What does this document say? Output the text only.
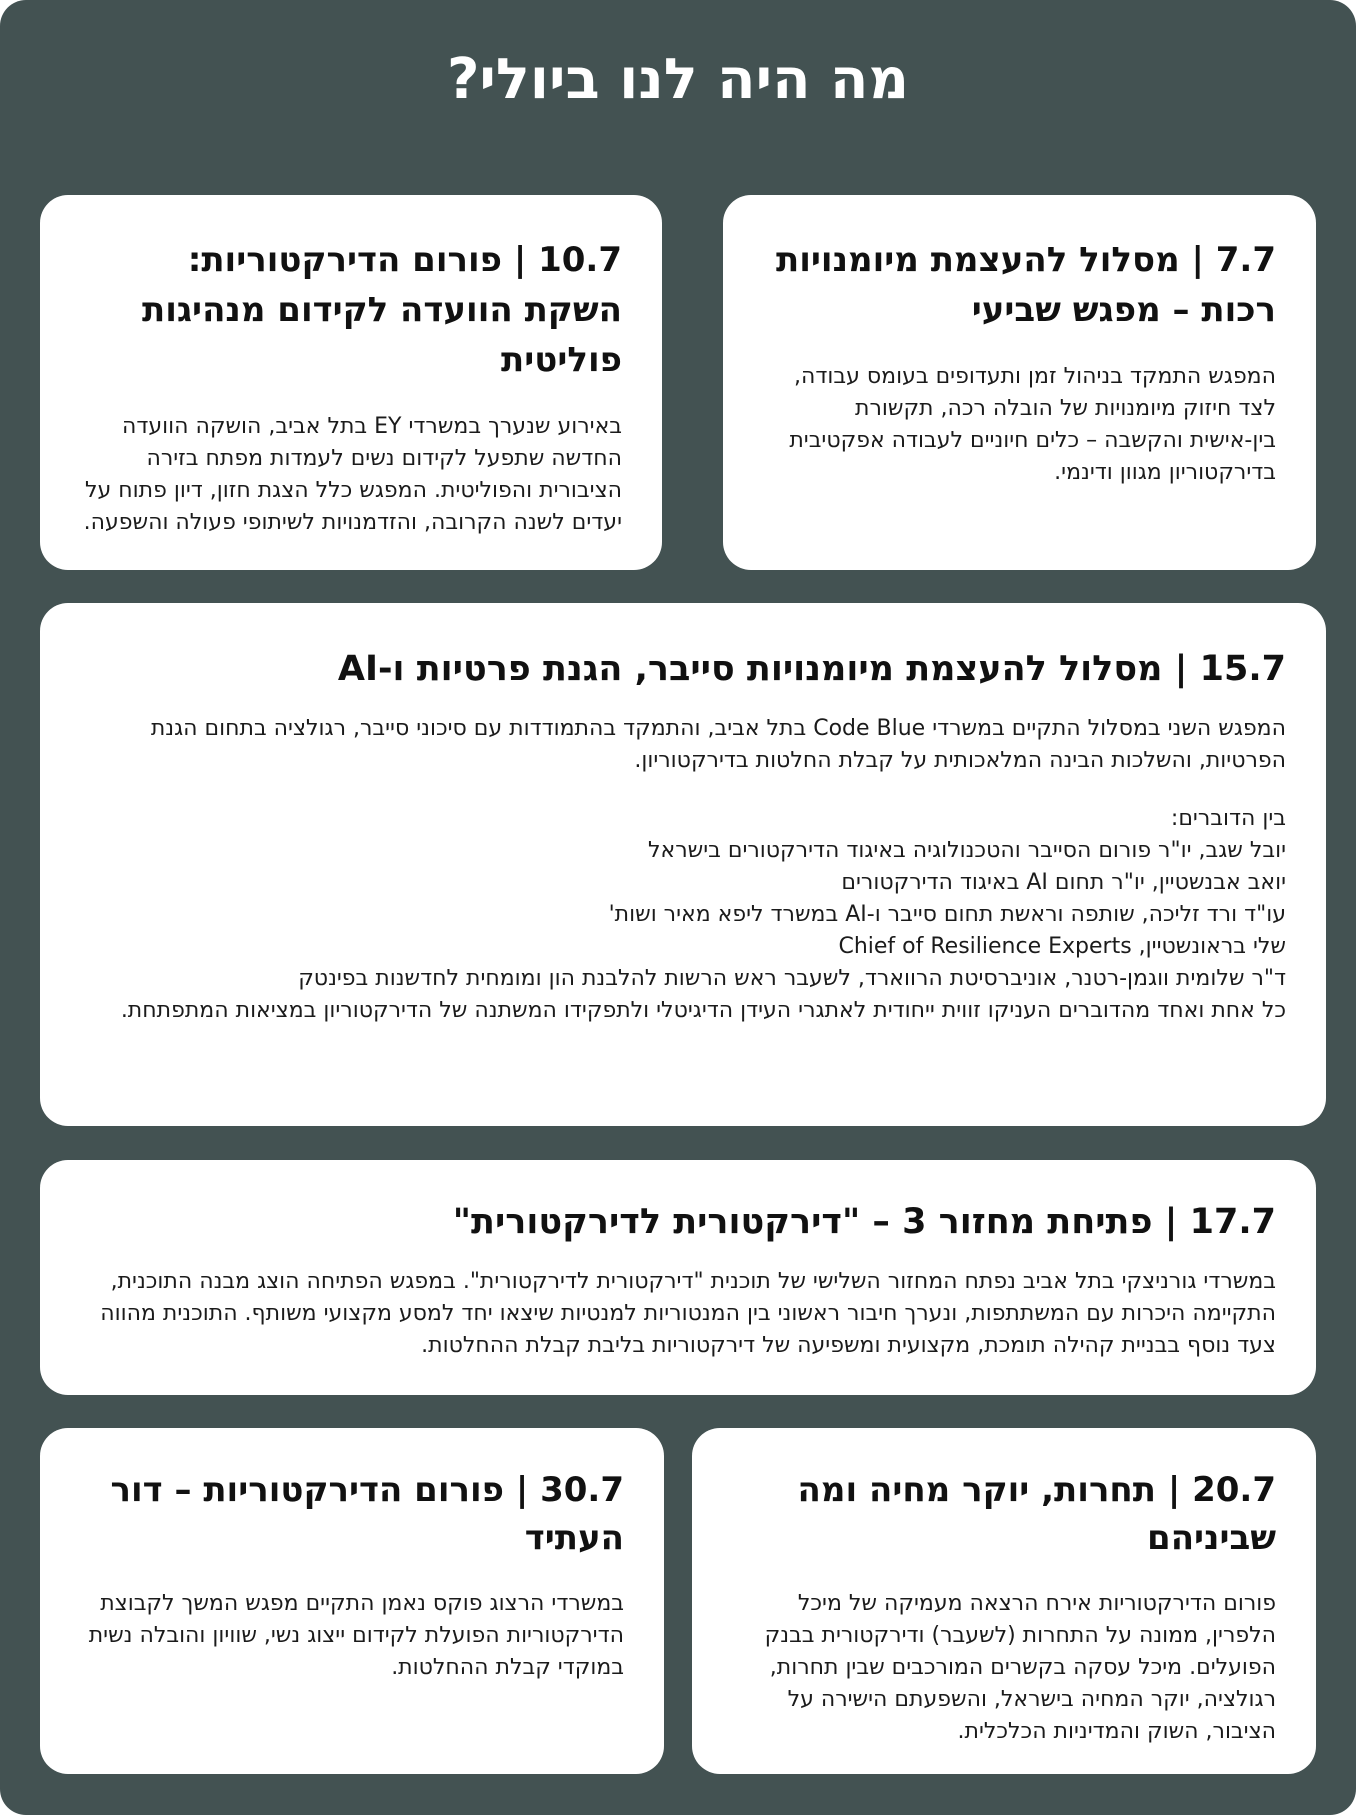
מה היה לנו ביולי?
7.7 | מסלול להעצמת מיומנויות רכות – מפגש שביעי

המפגש התמקד בניהול זמן ותעדופים בעומס עבודה, לצד חיזוק מיומנויות של הובלה רכה, תקשורת בין-אישית והקשבה – כלים חיוניים לעבודה אפקטיבית בדירקטוריון מגוון ודינמי.

10.7 | פורום הדירקטוריות: השקת הוועדה לקידום מנהיגות פוליטית

באירוע שנערך במשרדי EY בתל אביב, הושקה הוועדה החדשה שתפעל לקידום נשים לעמדות מפתח בזירה הציבורית והפוליטית. המפגש כלל הצגת חזון, דיון פתוח על יעדים לשנה הקרובה, והזדמנויות לשיתופי פעולה והשפעה.

15.7 | מסלול להעצמת מיומנויות סייבר, הגנת פרטיות ו-AI

המפגש השני במסלול התקיים במשרדי Code Blue בתל אביב, והתמקד בהתמודדות עם סיכוני סייבר, רגולציה בתחום הגנת הפרטיות, והשלכות הבינה המלאכותית על קבלת החלטות בדירקטוריון.

בין הדוברים:
יובל שגב, יו"ר פורום הסייבר והטכנולוגיה באיגוד הדירקטורים בישראל
יואב אבנשטיין, יו"ר תחום AI באיגוד הדירקטורים
עו"ד ורד זליכה, שותפה וראשת תחום סייבר ו-AI במשרד ליפא מאיר ושות'
שלי בראונשטיין, Chief of Resilience Experts
ד"ר שלומית ווגמן-רטנר, אוניברסיטת הרווארד, לשעבר ראש הרשות להלבנת הון ומומחית לחדשנות בפינטק

כל אחת ואחד מהדוברים העניקו זווית ייחודית לאתגרי העידן הדיגיטלי ולתפקידו המשתנה של הדירקטוריון במציאות המתפתחת.

17.7 | פתיחת מחזור 3 – "דירקטורית לדירקטורית"

במשרדי גורניצקי בתל אביב נפתח המחזור השלישי של תוכנית "דירקטורית לדירקטורית". במפגש הפתיחה הוצג מבנה התוכנית, התקיימה היכרות עם המשתתפות, ונערך חיבור ראשוני בין המנטוריות למנטיות שיצאו יחד למסע מקצועי משותף. התוכנית מהווה צעד נוסף בבניית קהילה תומכת, מקצועית ומשפיעה של דירקטוריות בליבת קבלת ההחלטות.

20.7 | תחרות, יוקר מחיה ומה שביניהם

פורום הדירקטוריות אירח הרצאה מעמיקה של מיכל הלפרין, ממונה על התחרות (לשעבר) ודירקטורית בבנק הפועלים. מיכל עסקה בקשרים המורכבים שבין תחרות, רגולציה, יוקר המחיה בישראל, והשפעתם הישירה על הציבור, השוק והמדיניות הכלכלית.

30.7 | פורום הדירקטוריות – דור העתיד

במשרדי הרצוג פוקס נאמן התקיים מפגש המשך לקבוצת הדירקטוריות הפועלת לקידום ייצוג נשי, שוויון והובלה נשית במוקדי קבלת ההחלטות.
